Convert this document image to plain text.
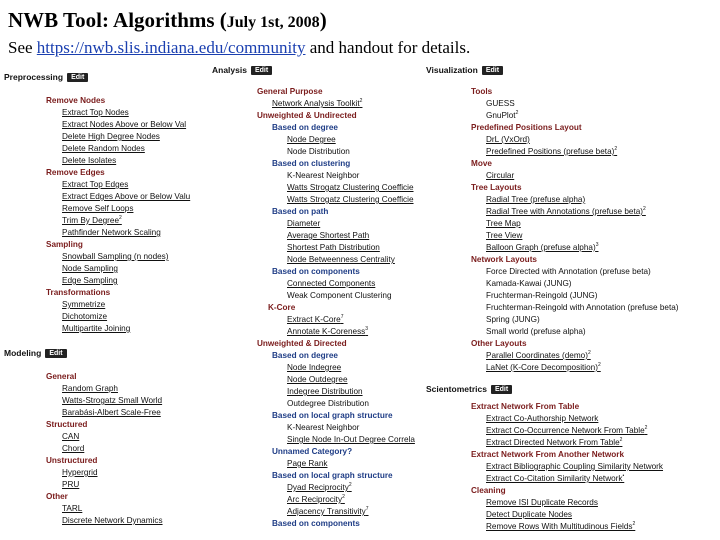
NWB Tool: Algorithms (July 1st, 2008)
See https://nwb.slis.indiana.edu/community and handout for details.
Preprocessing Edit
Remove Nodes
Extract Top Nodes
Extract Nodes Above or Below Val
Delete High Degree Nodes
Delete Random Nodes
Delete Isolates
Remove Edges
Extract Top Edges
Extract Edges Above or Below Valu
Remove Self Loops
Trim By Degree$^2$
Pathfinder Network Scaling
Sampling
Snowball Sampling (n nodes)
Node Sampling
Edge Sampling
Transformations
Symmetrize
Dichotomize
Multipartite Joining
Modeling Edit
General
Random Graph
Watts-Strogatz Small World
Barabási-Albert Scale-Free
Structured
CAN
Chord
Unstructured
Hypergrid
PRU
Other
TARL
Discrete Network Dynamics
Analysis Edit
General Purpose
Network Analysis Toolkit$^2$
Unweighted & Undirected
Based on degree
Node Degree
Node Distribution
Based on clustering
K-Nearest Neighbor
Watts Strogatz Clustering Coefficie
Watts Strogatz Clustering Coefficie
Based on path
Diameter
Average Shortest Path
Shortest Path Distribution
Node Betweenness Centrality
Based on components
Connected Components
Weak Component Clustering
K-Core
Extract K-Core$^7$
Annotate K-Coreness$^3$
Unweighted & Directed
Based on degree
Node Indegree
Node Outdegree
Indegree Distribution
Outdegree Distribution
Based on local graph structure
K-Nearest Neighbor
Single Node In-Out Degree Correla
Unnamed Category?
Page Rank
Based on local graph structure
Dyad Reciprocity$^2$
Arc Reciprocity$^2$
Adjacency Transitivity$^7$
Based on components
Visualization Edit
Tools
GUESS
GnuPlot$^2$
Predefined Positions Layout
DrL (VxOrd)
Predefined Positions (prefuse beta)$^2$
Move
Circular
Tree Layouts
Radial Tree (prefuse alpha)
Radial Tree with Annotations (prefuse beta)$^2$
Tree Map
Tree View
Balloon Graph (prefuse alpha)$^3$
Network Layouts
Force Directed with Annotation (prefuse beta)
Kamada-Kawai (JUNG)
Fruchterman-Reingold (JUNG)
Fruchterman-Reingold with Annotation (prefuse beta)
Spring (JUNG)
Small world (prefuse alpha)
Other Layouts
Parallel Coordinates (demo)$^2$
LaNet (K-Core Decomposition)$^2$
Scientometrics Edit
Extract Network From Table
Extract Co-Authorship Network
Extract Co-Occurrence Network From Table$^2$
Extract Directed Network From Table$^2$
Extract Network From Another Network
Extract Bibliographic Coupling Similarity Network
Extract Co-Citation Similarity Network•
Cleaning
Remove ISI Duplicate Records
Detect Duplicate Nodes
Remove Rows With Multitudinous Fields$^2$
